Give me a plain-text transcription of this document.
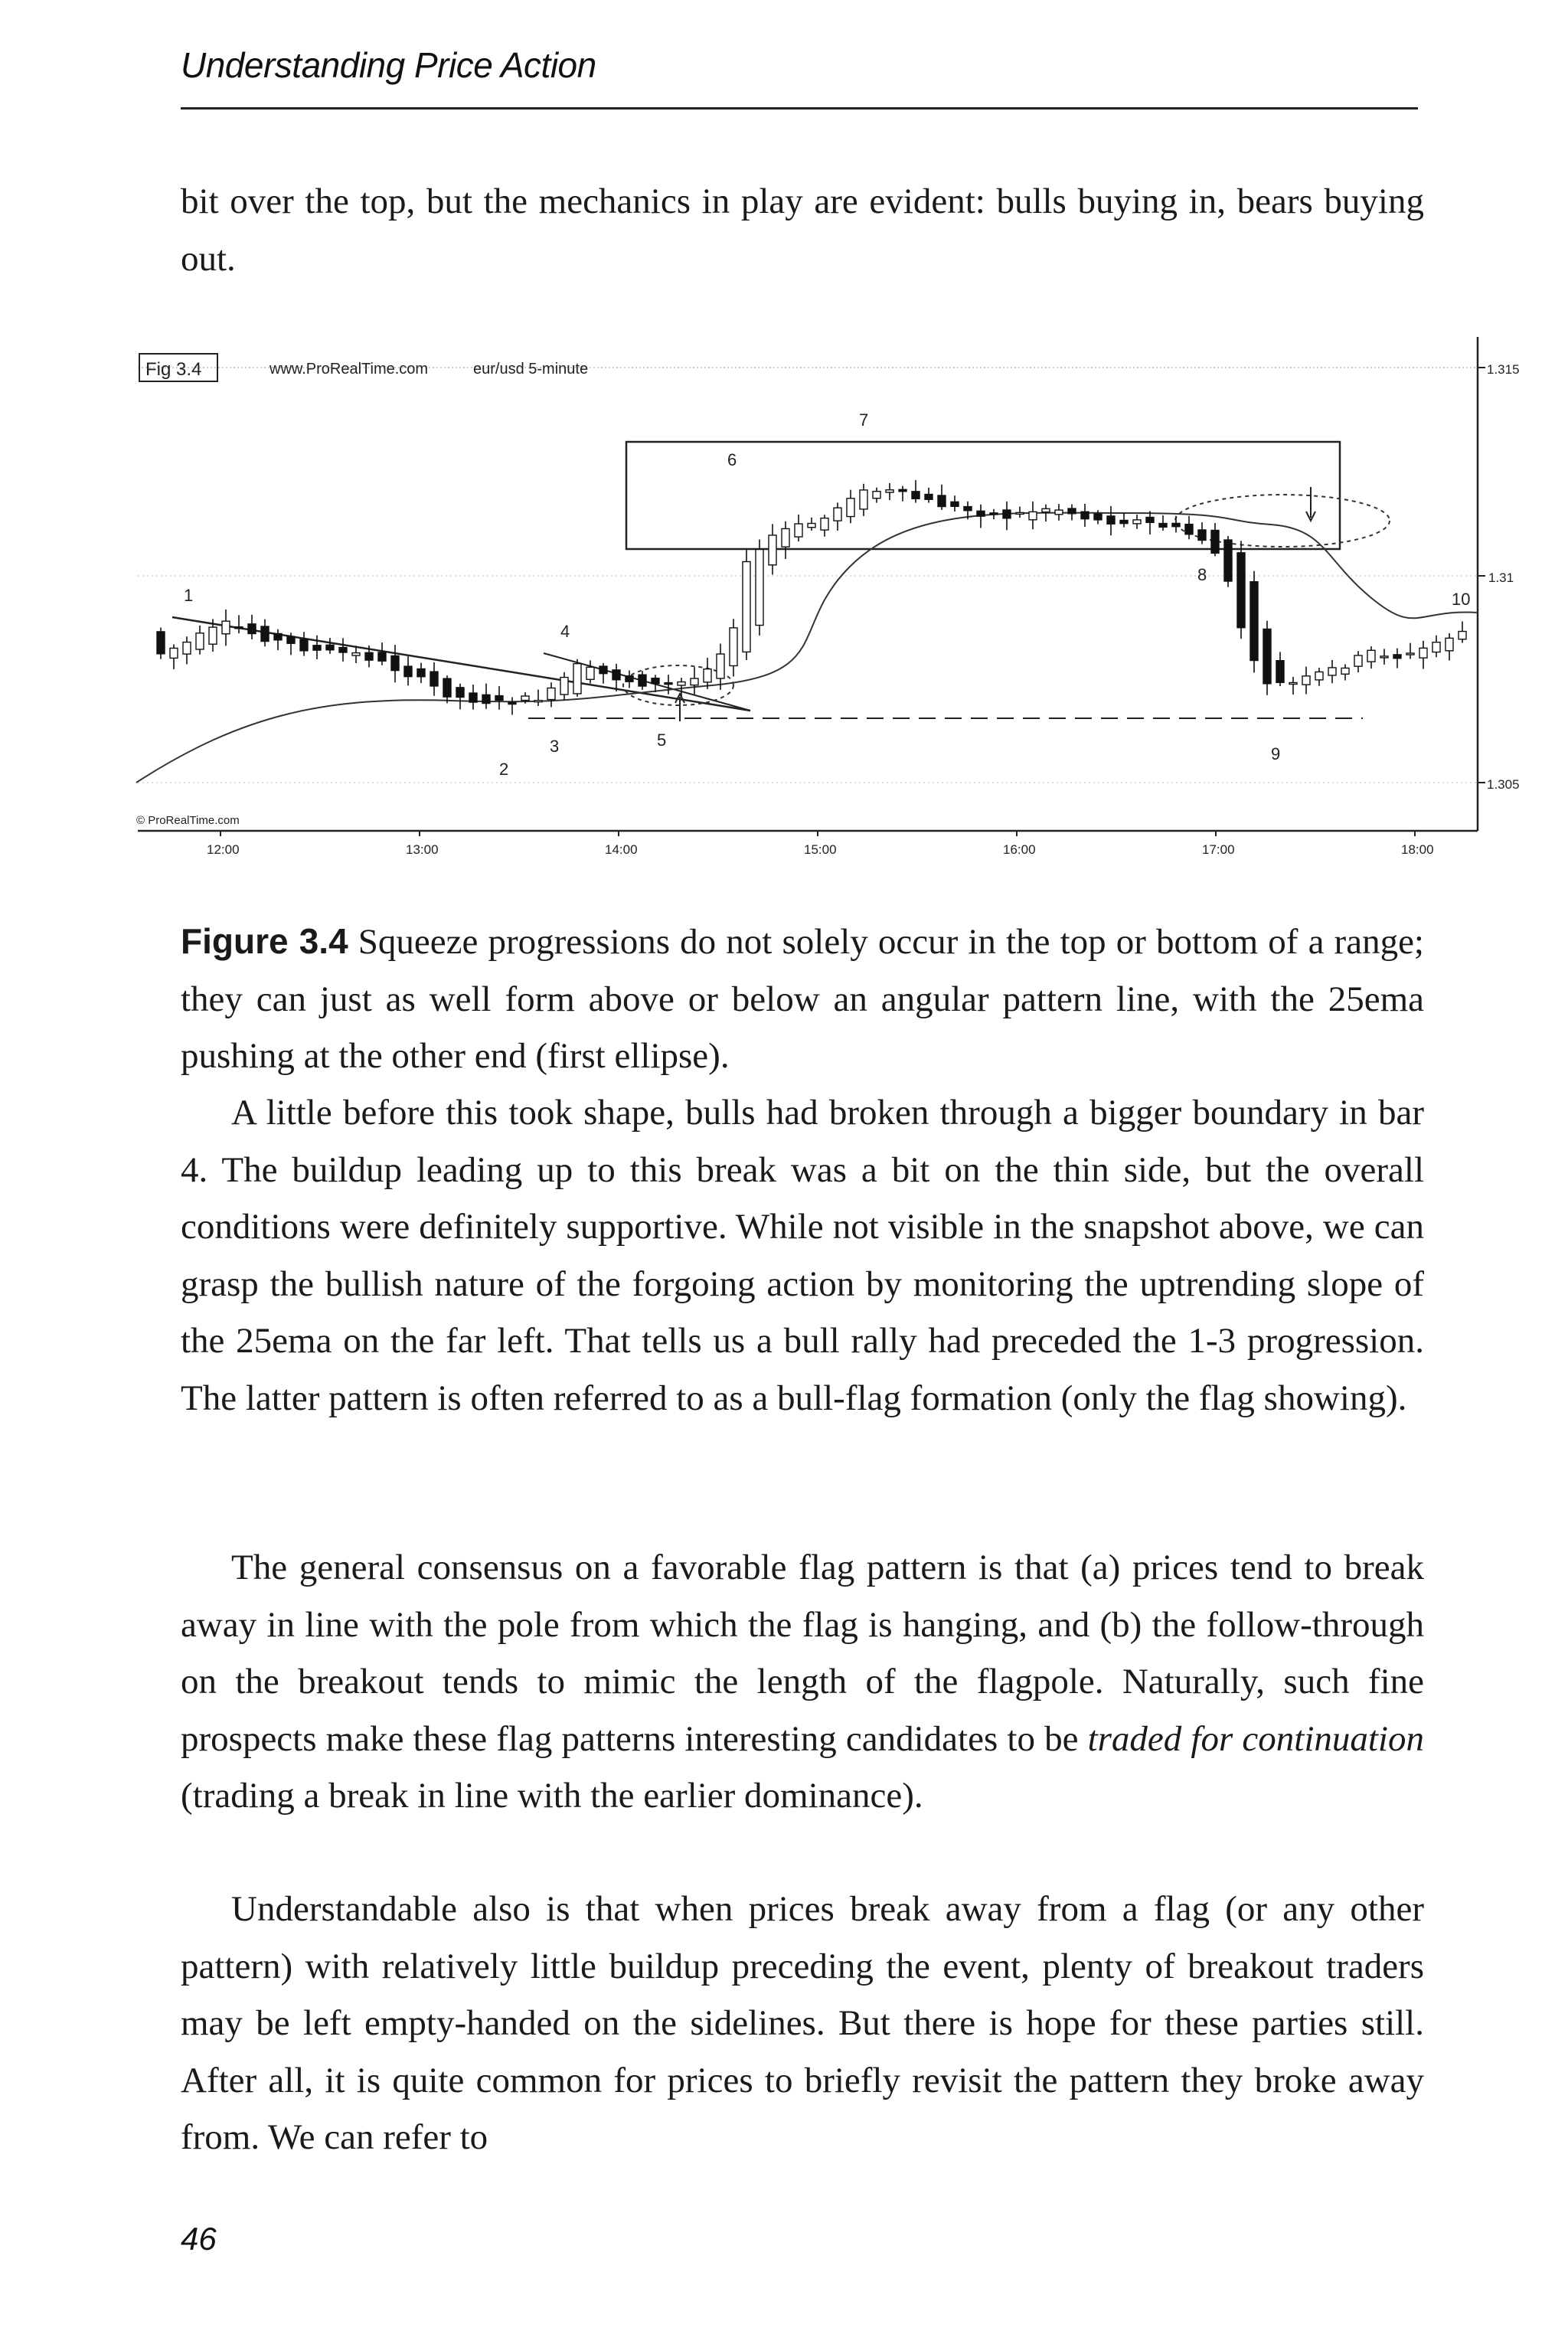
Understanding Price Action

bit over the top, but the mechanics in play are evident: bulls buying in, bears buying out.

Fig 3.4	www.ProRealTime.com	eur/usd 5-minute
© ProRealTime.com
1.315
1.31
1.305
12:00	13:00	14:00	15:00	16:00	17:00	18:00
1
2
3
4
5
6
7
8
9
10

Figure 3.4 Squeeze progressions do not solely occur in the top or bottom of a range; they can just as well form above or below an angular pattern line, with the 25ema pushing at the other end (first ellipse).

A little before this took shape, bulls had broken through a bigger boundary in bar 4. The buildup leading up to this break was a bit on the thin side, but the overall conditions were definitely supportive. While not visible in the snapshot above, we can grasp the bullish nature of the forgoing action by monitoring the uptrending slope of the 25ema on the far left. That tells us a bull rally had preceded the 1-3 progression. The latter pattern is often referred to as a bull-flag formation (only the flag showing).

The general consensus on a favorable flag pattern is that (a) prices tend to break away in line with the pole from which the flag is hanging, and (b) the follow-through on the breakout tends to mimic the length of the flagpole. Naturally, such fine prospects make these flag patterns interesting candidates to be traded for continuation (trading a break in line with the earlier dominance).

Understandable also is that when prices break away from a flag (or any other pattern) with relatively little buildup preceding the event, plenty of breakout traders may be left empty-handed on the sidelines. But there is hope for these parties still. After all, it is quite common for prices to briefly revisit the pattern they broke away from. We can refer to

46
